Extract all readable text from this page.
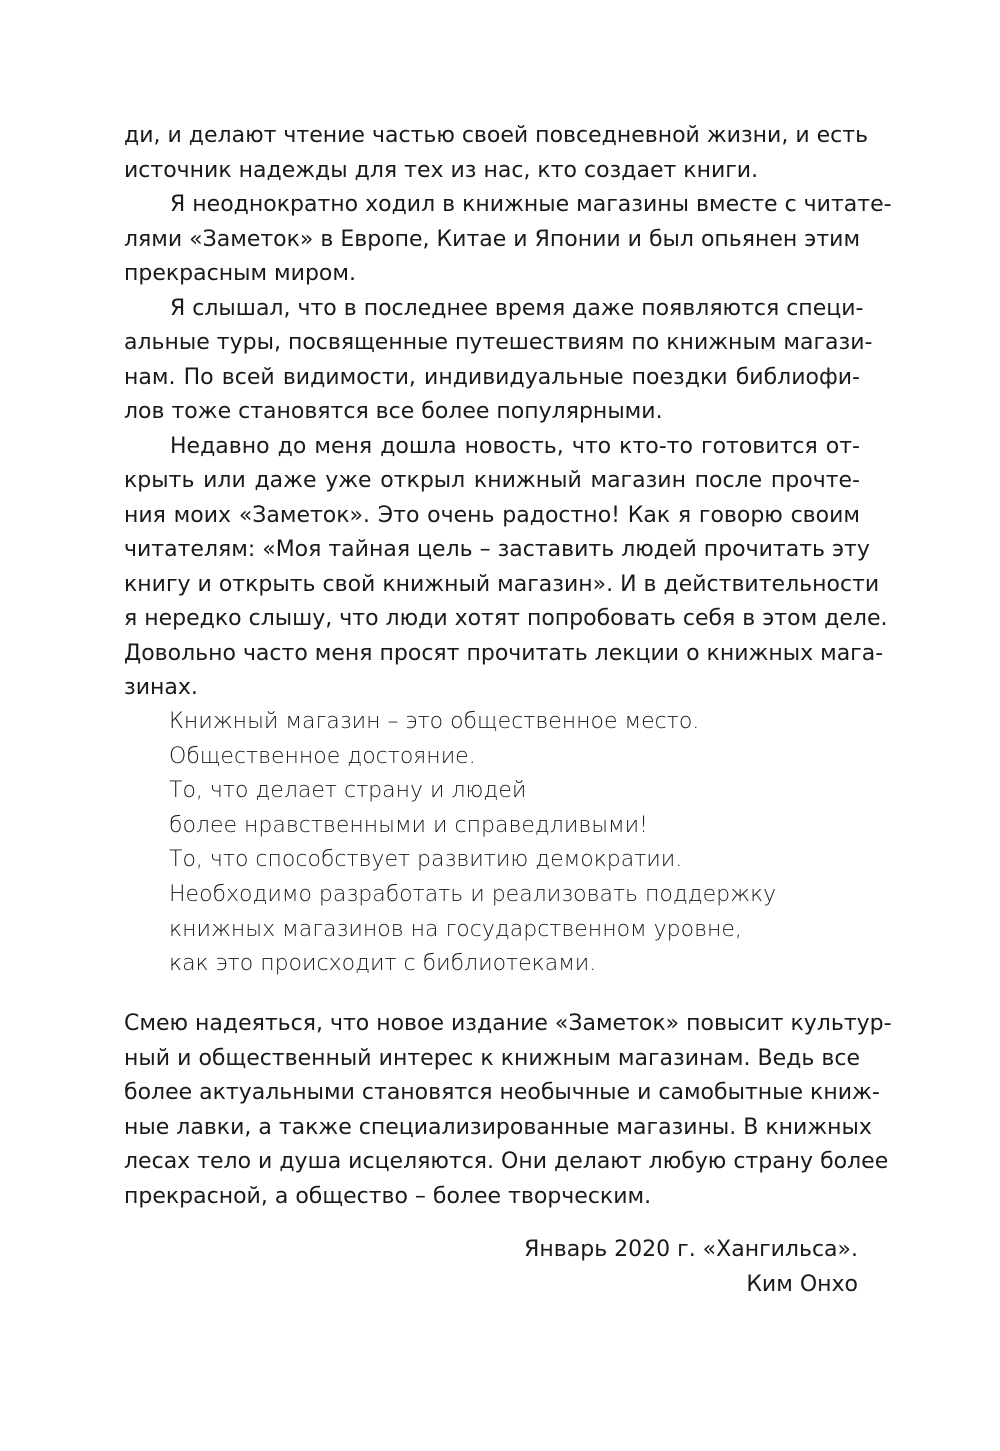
ди, и делают чтение частью своей повседневной жизни, и есть
источник надежды для тех из нас, кто создает книги.
Я неоднократно ходил в книжные магазины вместе с читате-
лями «Заметок» в Европе, Китае и Японии и был опьянен этим
прекрасным миром.
Я слышал, что в последнее время даже появляются специ-
альные туры, посвященные путешествиям по книжным магази-
нам. По всей видимости, индивидуальные поездки библиофи-
лов тоже становятся все более популярными.
Недавно до меня дошла новость, что кто-то готовится от-
крыть или даже уже открыл книжный магазин после прочте-
ния моих «Заметок». Это очень радостно! Как я говорю своим
читателям: «Моя тайная цель – заставить людей прочитать эту
книгу и открыть свой книжный магазин». И в действительности
я нередко слышу, что люди хотят попробовать себя в этом деле.
Довольно часто меня просят прочитать лекции о книжных мага-
зинах.
Книжный магазин – это общественное место.
Общественное достояние.
То, что делает страну и людей
более нравственными и справедливыми!
То, что способствует развитию демократии.
Необходимо разработать и реализовать поддержку
книжных магазинов на государственном уровне,
как это происходит с библиотеками.
Смею надеяться, что новое издание «Заметок» повысит культур-
ный и общественный интерес к книжным магазинам. Ведь все
более актуальными становятся необычные и самобытные книж-
ные лавки, а также специализированные магазины. В книжных
лесах тело и душа исцеляются. Они делают любую страну более
прекрасной, а общество – более творческим.
Январь 2020 г. «Хангильса».
Ким Онхо
